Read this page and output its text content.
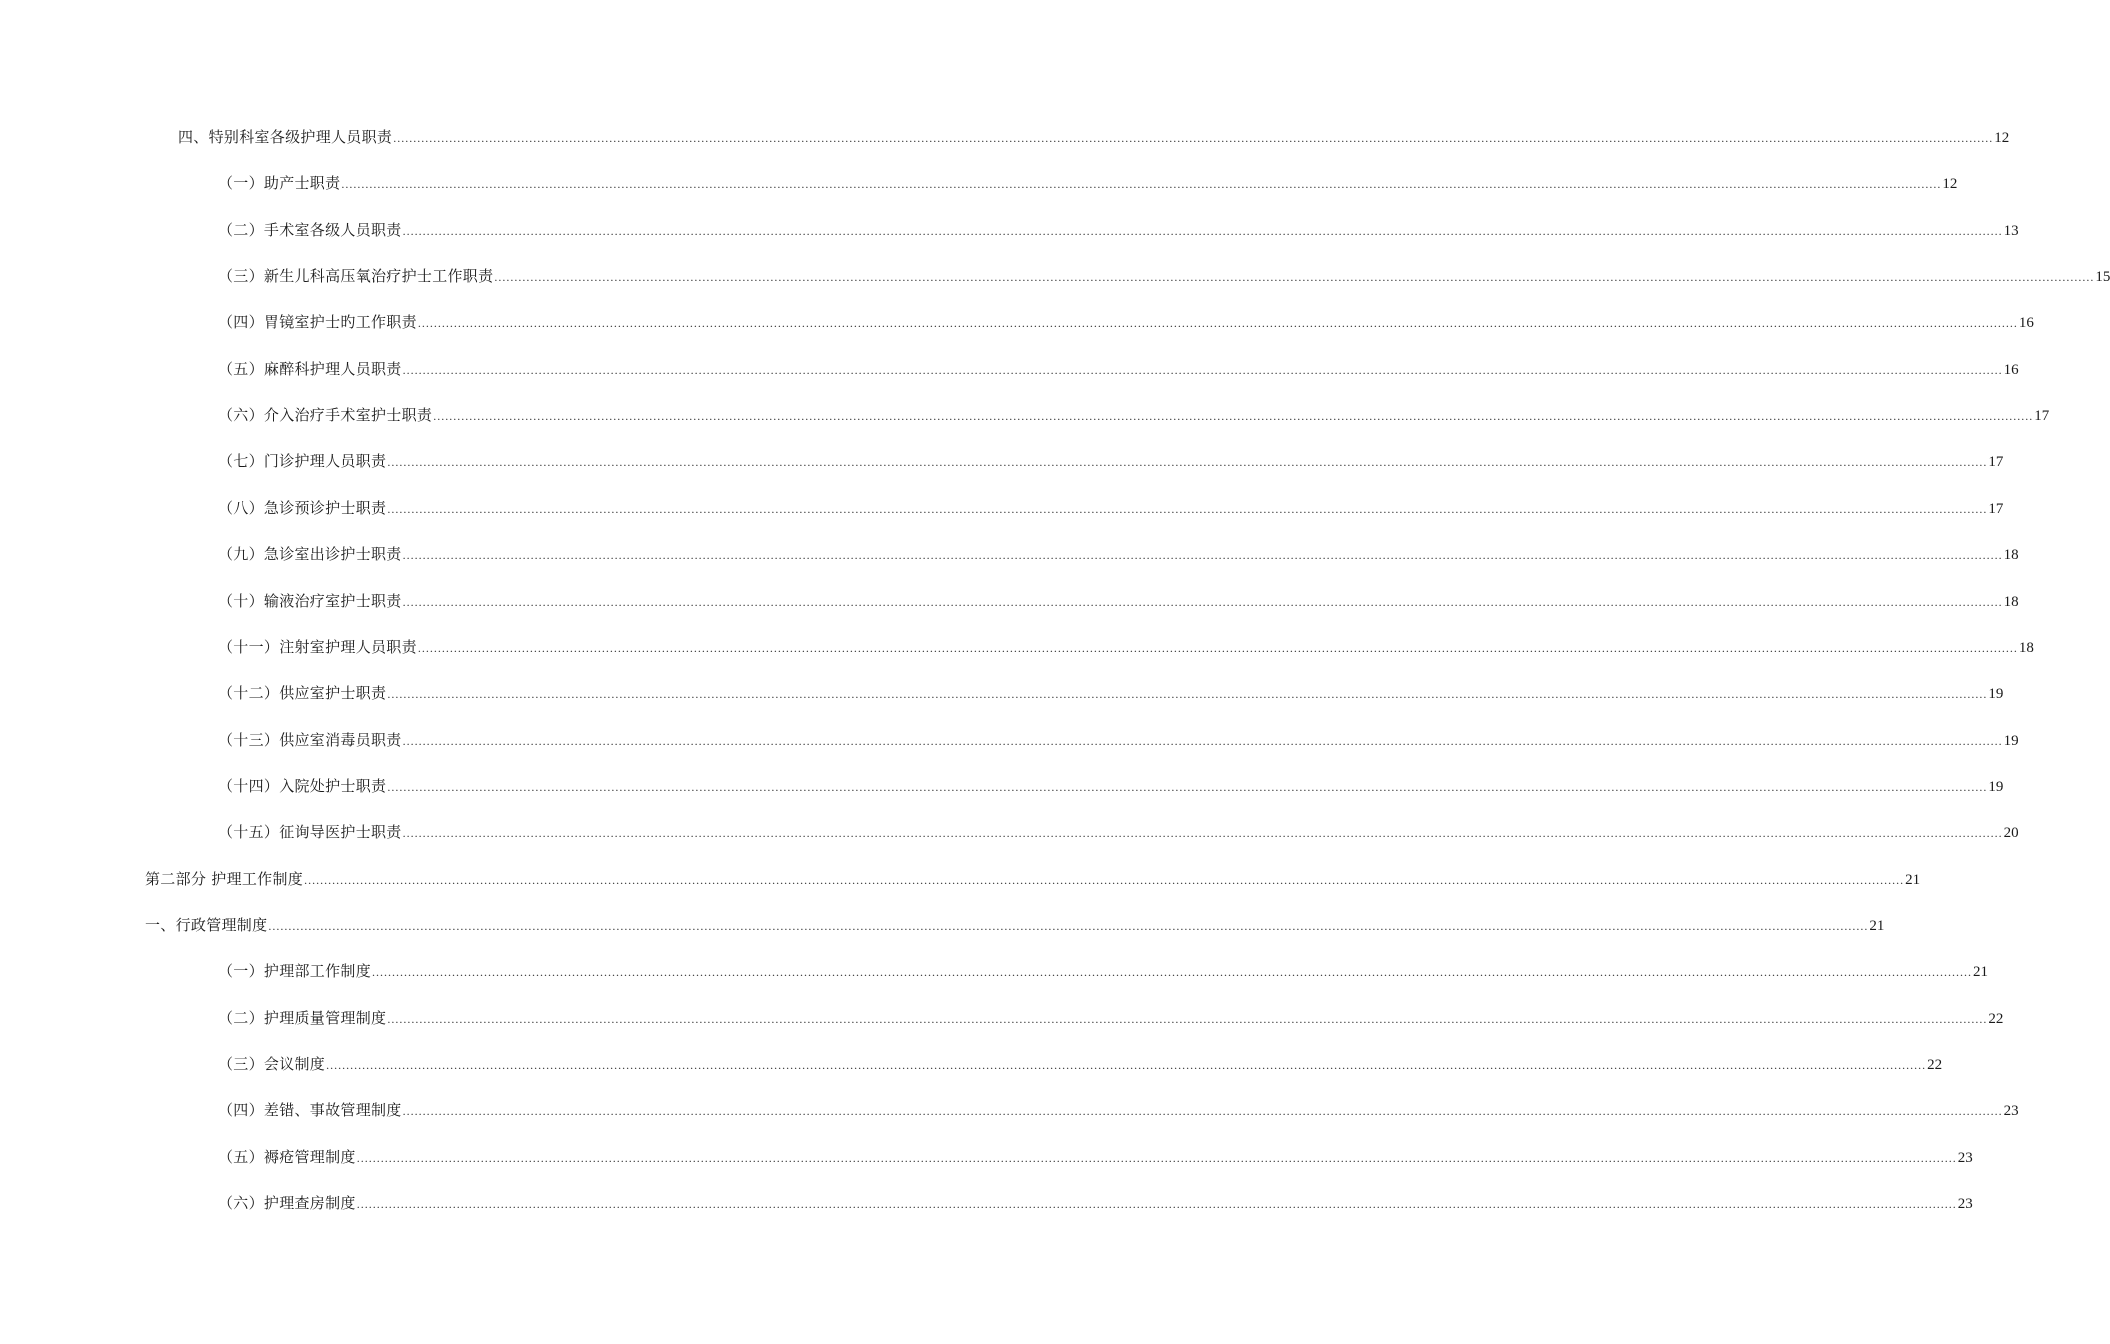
四、特别科室各级护理人员职责 ................................................................................................................................................................................................................................................................................................................................................................................................................ 12
（一）助产士职责 ................................................................................................................................................................................................................................................................................................................................................................................................................ 12
（二）手术室各级人员职责 ................................................................................................................................................................................................................................................................................................................................................................................................................ 13
（三）新生儿科高压氧治疗护士工作职责 ................................................................................................................................................................................................................................................................................................................................................................................................................ 15
（四）胃镜室护士旳工作职责 ................................................................................................................................................................................................................................................................................................................................................................................................................ 16
（五）麻醉科护理人员职责 ................................................................................................................................................................................................................................................................................................................................................................................................................ 16
（六）介入治疗手术室护士职责 ................................................................................................................................................................................................................................................................................................................................................................................................................ 17
（七）门诊护理人员职责 ................................................................................................................................................................................................................................................................................................................................................................................................................ 17
（八）急诊预诊护士职责 ................................................................................................................................................................................................................................................................................................................................................................................................................ 17
（九）急诊室出诊护士职责 ................................................................................................................................................................................................................................................................................................................................................................................................................ 18
（十）输液治疗室护士职责 ................................................................................................................................................................................................................................................................................................................................................................................................................ 18
（十一）注射室护理人员职责 ................................................................................................................................................................................................................................................................................................................................................................................................................ 18
（十二）供应室护士职责 ................................................................................................................................................................................................................................................................................................................................................................................................................ 19
（十三）供应室消毒员职责 ................................................................................................................................................................................................................................................................................................................................................................................................................ 19
（十四）入院处护士职责 ................................................................................................................................................................................................................................................................................................................................................................................................................ 19
（十五）征询导医护士职责 ................................................................................................................................................................................................................................................................................................................................................................................................................ 20
第二部分 护理工作制度 ................................................................................................................................................................................................................................................................................................................................................................................................................ 21
一、行政管理制度 ................................................................................................................................................................................................................................................................................................................................................................................................................ 21
（一）护理部工作制度 ................................................................................................................................................................................................................................................................................................................................................................................................................ 21
（二）护理质量管理制度 ................................................................................................................................................................................................................................................................................................................................................................................................................ 22
（三）会议制度 ................................................................................................................................................................................................................................................................................................................................................................................................................ 22
（四）差错、事故管理制度 ................................................................................................................................................................................................................................................................................................................................................................................................................ 23
（五）褥疮管理制度 ................................................................................................................................................................................................................................................................................................................................................................................................................ 23
（六）护理查房制度 ................................................................................................................................................................................................................................................................................................................................................................................................................ 23
